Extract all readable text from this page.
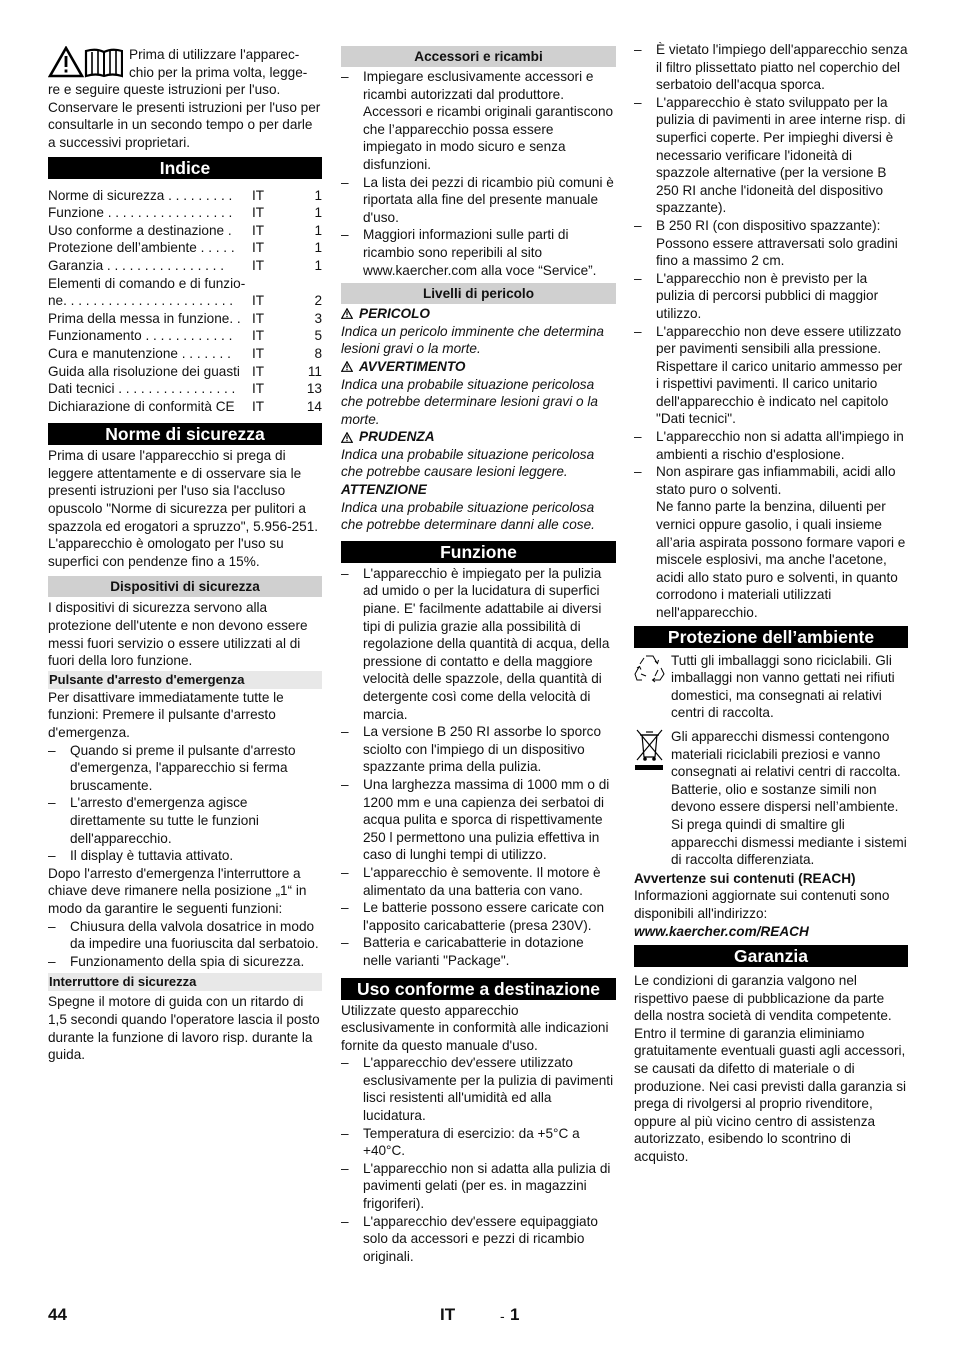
Prima di utilizzare l'apparec-

chio per la prima volta, legge-

re e seguire queste istruzioni per l'uso. Conservare le presenti istruzioni per l'uso per consultarle in un secondo tempo o per darle a successivi proprietari.

Indice
Norme di sicurezza . . . . . . . . .	IT	1
Funzione . . . . . . . . . . . . . . . . .	IT	1
Uso conforme a destinazione .	IT	1
Protezione dell’ambiente . . . . .	IT	1
Garanzia . . . . . . . . . . . . . . . .	IT	1
Elementi di comando e di funzio-
ne. . . . . . . . . . . . . . . . . . . . . . .	IT	2
Prima della messa in funzione. . IT	3
Funzionamento . . . . . . . . . . . .	IT	5
Cura e manutenzione . . . . . . .	IT	8
Guida alla risoluzione dei guasti IT	11
Dati tecnici . . . . . . . . . . . . . . . .	IT	13
Dichiarazione di conformità CE	IT	14
Norme di sicurezza

Prima di usare l'apparecchio si prega di leggere attentamente e di osservare sia le presenti istruzioni per l'uso sia l'accluso opuscolo "Norme di sicurezza per pulitori a spazzola ed erogatori a spruzzo", 5.956-251.

L'apparecchio è omologato per l'uso su superfici con pendenze fino a 15%.

Dispositivi di sicurezza

I dispositivi di sicurezza servono alla protezione dell'utente e non devono essere messi fuori servizio o essere utilizzati al di fuori della loro funzione.

Pulsante d'arresto d'emergenza

Per disattivare immediatamente tutte le funzioni: Premere il pulsante d'arresto d'emergenza.

– Quando si preme il pulsante d'arresto d'emergenza, l'apparecchio si ferma bruscamente.

– L'arresto d'emergenza agisce direttamente su tutte le funzioni dell'apparecchio.

– Il display è tuttavia attivato.

Dopo l'arresto d'emergenza l'interruttore a chiave deve rimanere nella posizione „1“ in modo da garantire le seguenti funzioni:

– Chiusura della valvola dosatrice in modo da impedire una fuoriuscita dal serbatoio.

– Funzionamento della spia di sicurezza.

Interruttore di sicurezza

Spegne il motore di guida con un ritardo di 1,5 secondi quando l'operatore lascia il posto durante la funzione di lavoro risp. durante la guida.

Accessori e ricambi

– Impiegare esclusivamente accessori e ricambi autorizzati dal produttore. Accessori e ricambi originali garantiscono che l’apparecchio possa essere impiegato in modo sicuro e senza disfunzioni.

– La lista dei pezzi di ricambio più comuni è riportata alla fine del presente manuale d'uso.

– Maggiori informazioni sulle parti di ricambio sono reperibili al sito www.kaercher.com alla voce “Service”.

Livelli di pericolo

PERICOLO

Indica un pericolo imminente che determina lesioni gravi o la morte.

AVVERTIMENTO

Indica una probabile situazione pericolosa che potrebbe determinare lesioni gravi o la morte.

PRUDENZA

Indica una probabile situazione pericolosa che potrebbe causare lesioni leggere.

ATTENZIONE

Indica una probabile situazione pericolosa che potrebbe determinare danni alle cose.

Funzione

– L'apparecchio è impiegato per la pulizia ad umido o per la lucidatura di superfici piane. E' facilmente adattabile ai diversi tipi di pulizia grazie alla possibilità di regolazione della quantità di acqua, della pressione di contatto e della maggiore velocità delle spazzole, della quantità di detergente così come della velocità di marcia.

– La versione B 250 RI assorbe lo sporco sciolto con l'impiego di un dispositivo spazzante prima della pulizia.

– Una larghezza massima di 1000 mm o di 1200 mm e una capienza dei serbatoi di acqua pulita e sporca di rispettivamente 250 l permettono una pulizia effettiva in caso di lunghi tempi di utilizzo.

– L'apparecchio è semovente. Il motore è alimentato da una batteria con vano.

– Le batterie possono essere caricate con l'apposito caricabatterie (presa 230V).

– Batteria e caricabatterie in dotazione nelle varianti "Package".

Uso conforme a destinazione

Utilizzate questo apparecchio esclusivamente in conformità alle indicazioni fornite da questo manuale d'uso.

– L'apparecchio dev'essere utilizzato esclusivamente per la pulizia di pavimenti lisci resistenti all'umidità ed alla lucidatura.

– Temperatura di esercizio: da +5°C a +40°C.

– L'apparecchio non si adatta alla pulizia di pavimenti gelati (per es. in magazzini frigoriferi).

– L'apparecchio dev'essere equipaggiato solo da accessori e pezzi di ricambio originali.

– È vietato l'impiego dell'apparecchio senza il filtro plissettato piatto nel coperchio del serbatoio dell'acqua sporca.

– L'apparecchio è stato sviluppato per la pulizia di pavimenti in aree interne risp. di superfici coperte. Per impieghi diversi è necessario verificare l'idoneità di spazzole alternative (per la versione B 250 RI anche l'idoneità del dispositivo spazzante).

– B 250 RI (con dispositivo spazzante): Possono essere attraversati solo gradini fino a massimo 2 cm.

– L'apparecchio non è previsto per la pulizia di percorsi pubblici di maggior utilizzo.

– L'apparecchio non deve essere utilizzato per pavimenti sensibili alla pressione. Rispettare il carico unitario ammesso per i rispettivi pavimenti. Il carico unitario dell'apparecchio è indicato nel capitolo "Dati tecnici".

– L'apparecchio non si adatta all'impiego in ambienti a rischio d'esplosione.

– Non aspirare gas infiammabili, acidi allo stato puro o solventi.

Ne fanno parte la benzina, diluenti per vernici oppure gasolio, i quali insieme all’aria aspirata possono formare vapori e miscele esplosivi, ma anche l'acetone, acidi allo stato puro e solventi, in quanto corrodono i materiali utilizzati nell'apparecchio.

Protezione dell’ambiente

Tutti gli imballaggi sono riciclabili. Gli imballaggi non vanno gettati nei rifiuti domestici, ma consegnati ai relativi centri di raccolta.

Gli apparecchi dismessi contengono materiali riciclabili preziosi e vanno consegnati ai relativi centri di raccolta. Batterie, olio e sostanze simili non devono essere dispersi nell’ambiente. Si prega quindi di smaltire gli apparecchi dismessi mediante i sistemi di raccolta differenziata.

Avvertenze sui contenuti (REACH)

Informazioni aggiornate sui contenuti sono disponibili all'indirizzo:

www.kaercher.com/REACH

Garanzia

Le condizioni di garanzia valgono nel rispettivo paese di pubblicazione da parte della nostra società di vendita competente. Entro il termine di garanzia eliminiamo gratuitamente eventuali guasti agli accessori, se causati da difetto di materiale o di produzione. Nei casi previsti dalla garanzia si prega di rivolgersi al proprio rivenditore, oppure al più vicino centro di assistenza autorizzato, esibendo lo scontrino di acquisto.

44	IT	- 1
